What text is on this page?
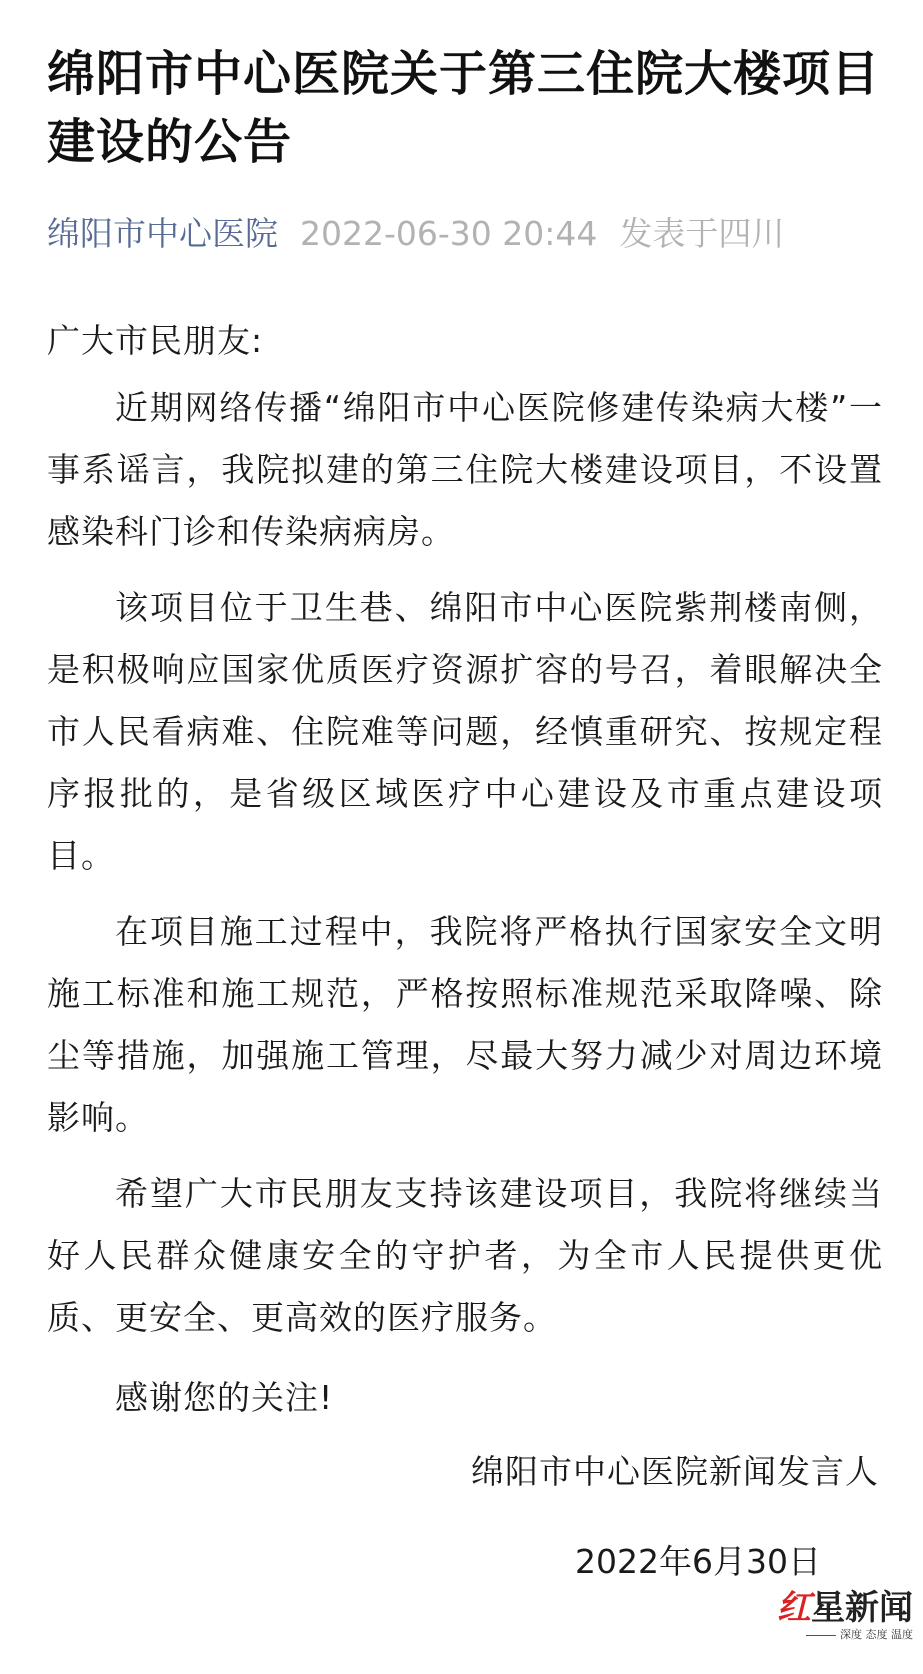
绵阳市中心医院关于第三住院大楼项目建设的公告
绵阳市中心医院 2022-06-30 20:44 发表于四川
广大市民朋友:

近期网络传播“绵阳市中心医院修建传染病大楼”一事系谣言，我院拟建的第三住院大楼建设项目，不设置感染科门诊和传染病病房。

该项目位于卫生巷、绵阳市中心医院紫荆楼南侧，是积极响应国家优质医疗资源扩容的号召，着眼解决全市人民看病难、住院难等问题，经慎重研究、按规定程序报批的，是省级区域医疗中心建设及市重点建设项目。

在项目施工过程中，我院将严格执行国家安全文明施工标准和施工规范，严格按照标准规范采取降噪、除尘等措施，加强施工管理，尽最大努力减少对周边环境影响。

希望广大市民朋友支持该建设项目，我院将继续当好人民群众健康安全的守护者，为全市人民提供更优质、更安全、更高效的医疗服务。

感谢您的关注!
绵阳市中心医院新闻发言人
2022年6月30日
红星新闻
深度 态度 温度
